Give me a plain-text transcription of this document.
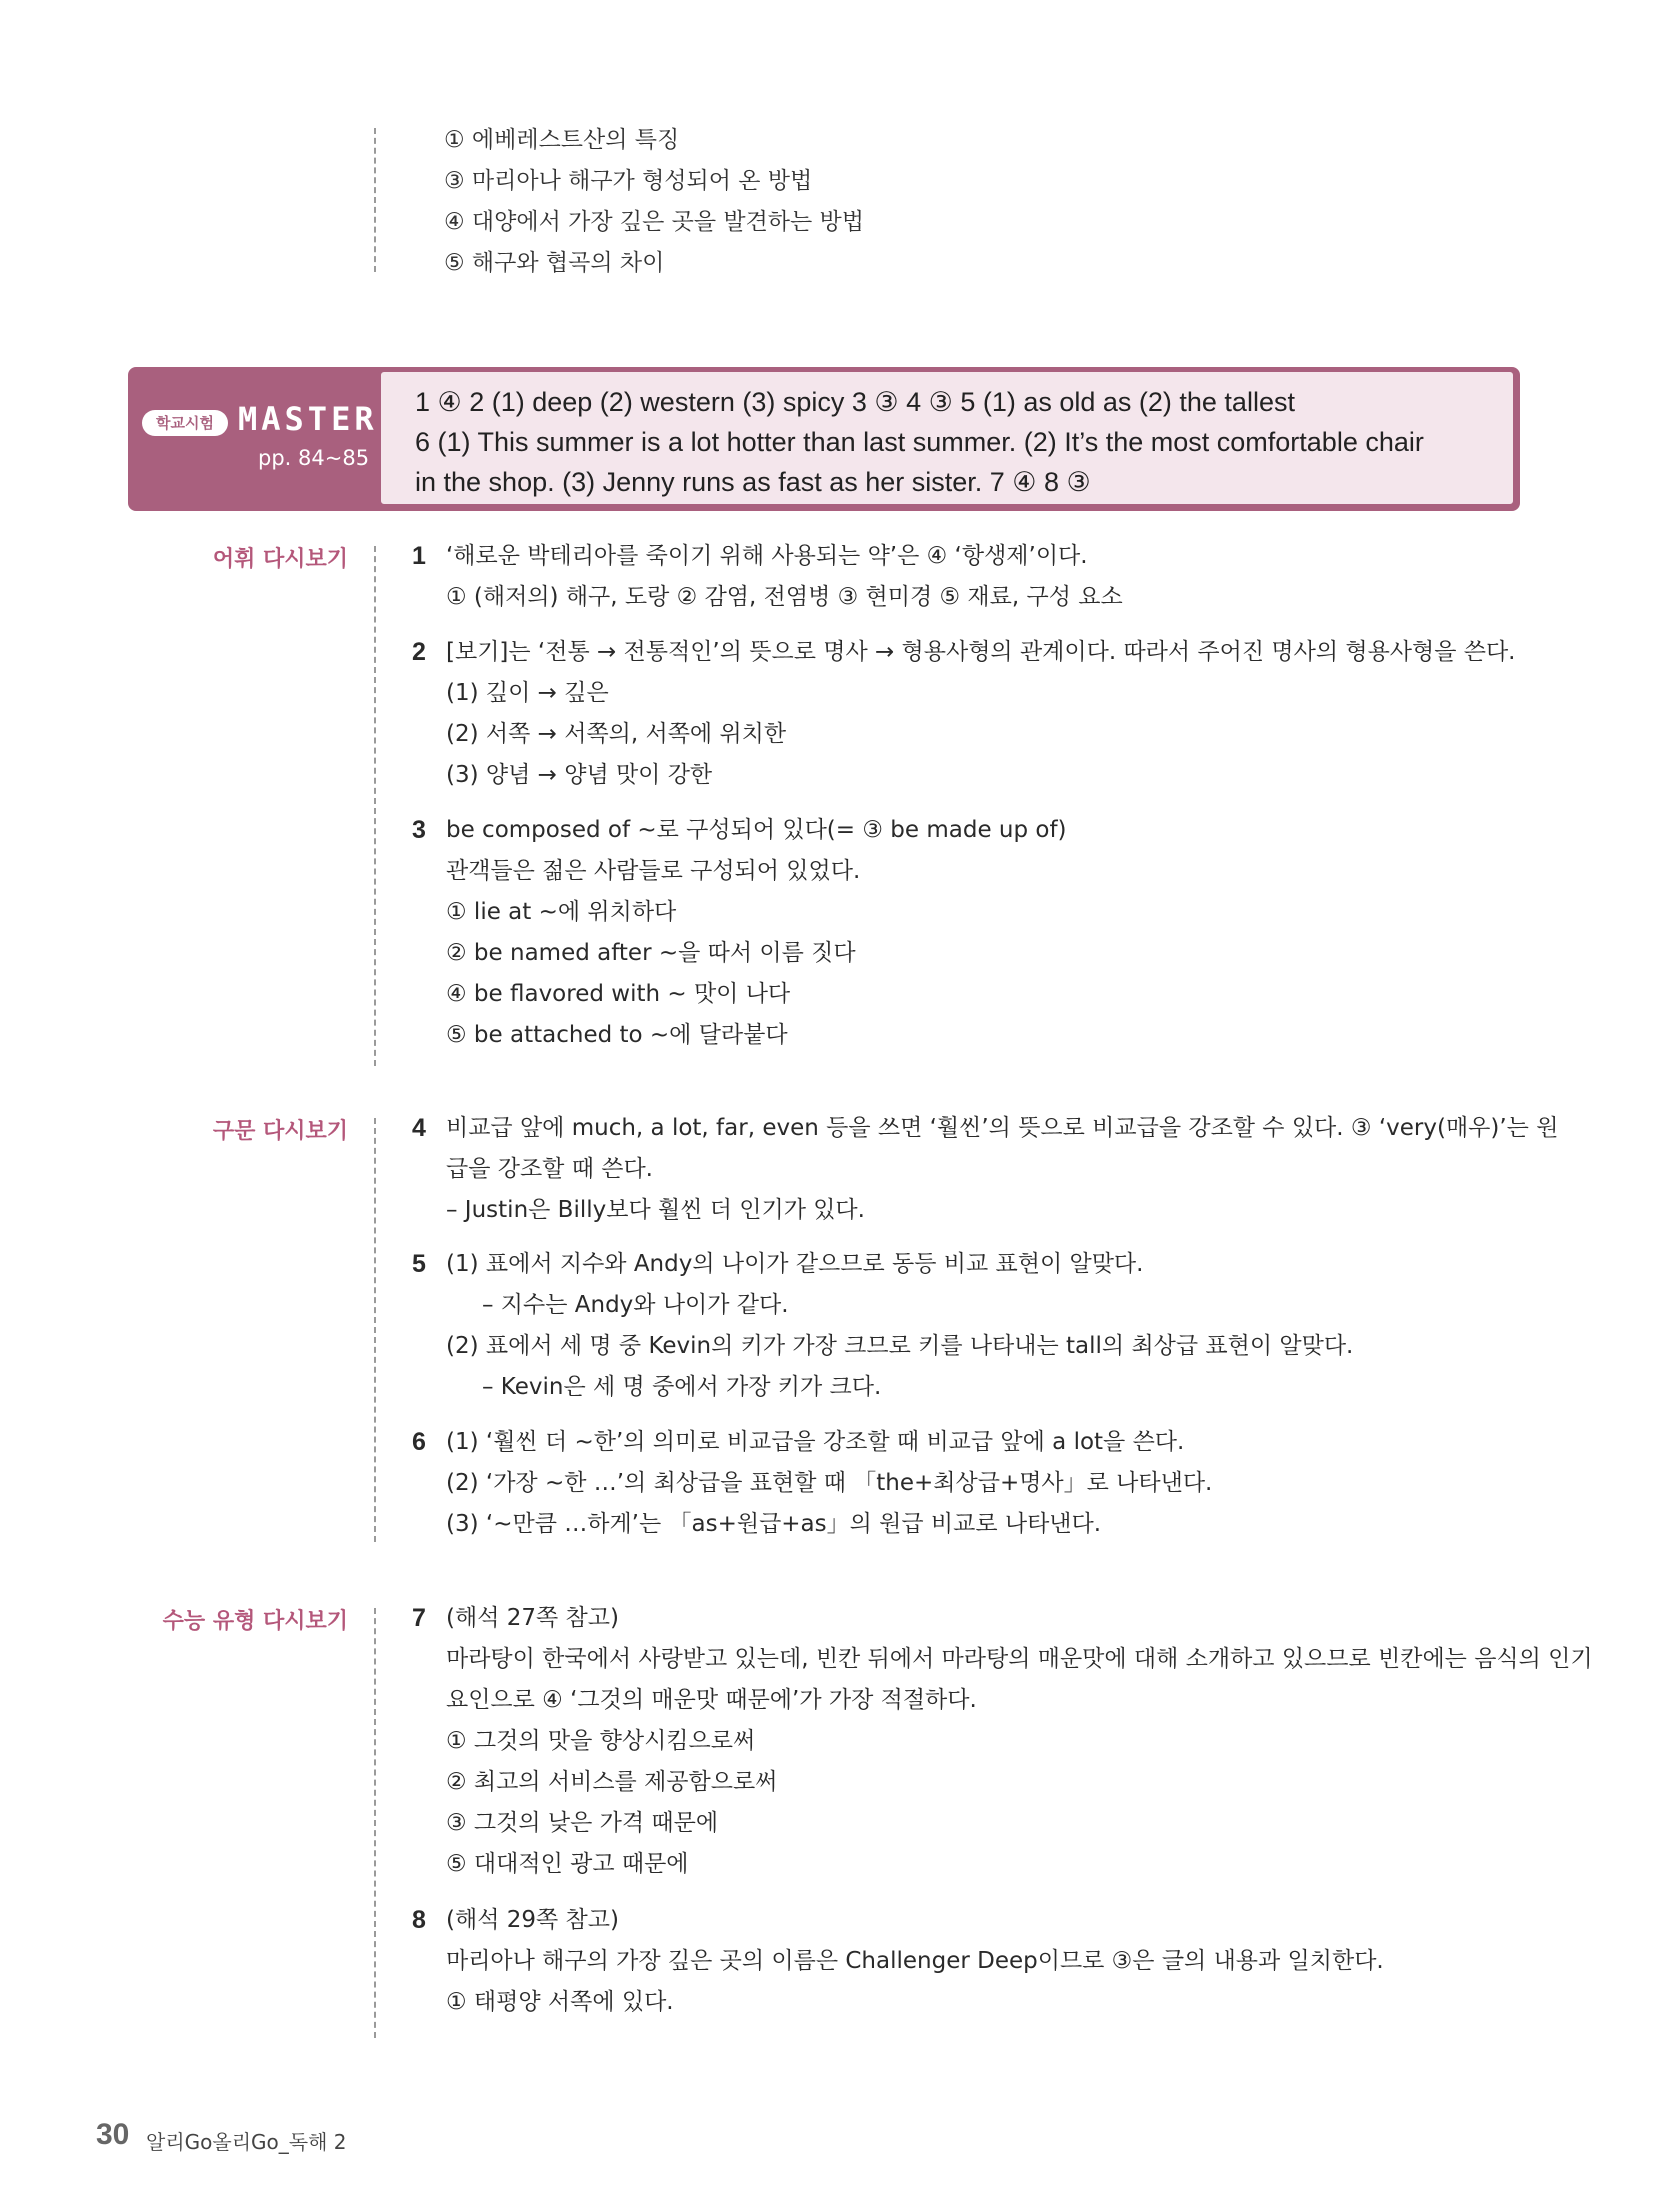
① 에베레스트산의 특징
③ 마리아나 해구가 형성되어 온 방법
④ 대양에서 가장 깊은 곳을 발견하는 방법
⑤ 해구와 협곡의 차이
학교시험 MASTER
pp. 84~85
1 ④ 2 (1) deep (2) western (3) spicy 3 ③ 4 ③ 5 (1) as old as (2) the tallest
6 (1) This summer is a lot hotter than last summer. (2) It’s the most comfortable chair
in the shop. (3) Jenny runs as fast as her sister. 7 ④ 8 ③
어휘 다시보기	1 ‘해로운 박테리아를 죽이기 위해 사용되는 약’은 ④ ‘항생제’이다.
① (해저의) 해구, 도랑 ② 감염, 전염병 ③ 현미경 ⑤ 재료, 구성 요소
2 [보기]는 ‘전통 → 전통적인’의 뜻으로 명사 → 형용사형의 관계이다. 따라서 주어진 명사의 형용사형을 쓴다.
(1) 깊이 → 깊은
(2) 서쪽 → 서쪽의, 서쪽에 위치한
(3) 양념 → 양념 맛이 강한
3 be composed of ~로 구성되어 있다(= ③ be made up of)
관객들은 젊은 사람들로 구성되어 있었다.
① lie at ~에 위치하다
② be named after ~을 따서 이름 짓다
④ be flavored with ~ 맛이 나다
⑤ be attached to ~에 달라붙다
구문 다시보기	4 비교급 앞에 much, a lot, far, even 등을 쓰면 ‘훨씬’의 뜻으로 비교급을 강조할 수 있다. ③ ‘very(매우)’는 원
급을 강조할 때 쓴다.
– Justin은 Billy보다 훨씬 더 인기가 있다.
5 (1) 표에서 지수와 Andy의 나이가 같으므로 동등 비교 표현이 알맞다.
– 지수는 Andy와 나이가 같다.
(2) 표에서 세 명 중 Kevin의 키가 가장 크므로 키를 나타내는 tall의 최상급 표현이 알맞다.
– Kevin은 세 명 중에서 가장 키가 크다.
6 (1) ‘훨씬 더 ~한’의 의미로 비교급을 강조할 때 비교급 앞에 a lot을 쓴다.
(2) ‘가장 ~한 …’의 최상급을 표현할 때 「the+최상급+명사」로 나타낸다.
(3) ‘~만큼 …하게’는 「as+원급+as」의 원급 비교로 나타낸다.
수능 유형 다시보기	7 (해석 27쪽 참고)
마라탕이 한국에서 사랑받고 있는데, 빈칸 뒤에서 마라탕의 매운맛에 대해 소개하고 있으므로 빈칸에는 음식의 인기
요인으로 ④ ‘그것의 매운맛 때문에’가 가장 적절하다.
① 그것의 맛을 향상시킴으로써
② 최고의 서비스를 제공함으로써
③ 그것의 낮은 가격 때문에
⑤ 대대적인 광고 때문에
8 (해석 29쪽 참고)
마리아나 해구의 가장 깊은 곳의 이름은 Challenger Deep이므로 ③은 글의 내용과 일치한다.
① 태평양 서쪽에 있다.
30 알리Go올리Go_독해 2
